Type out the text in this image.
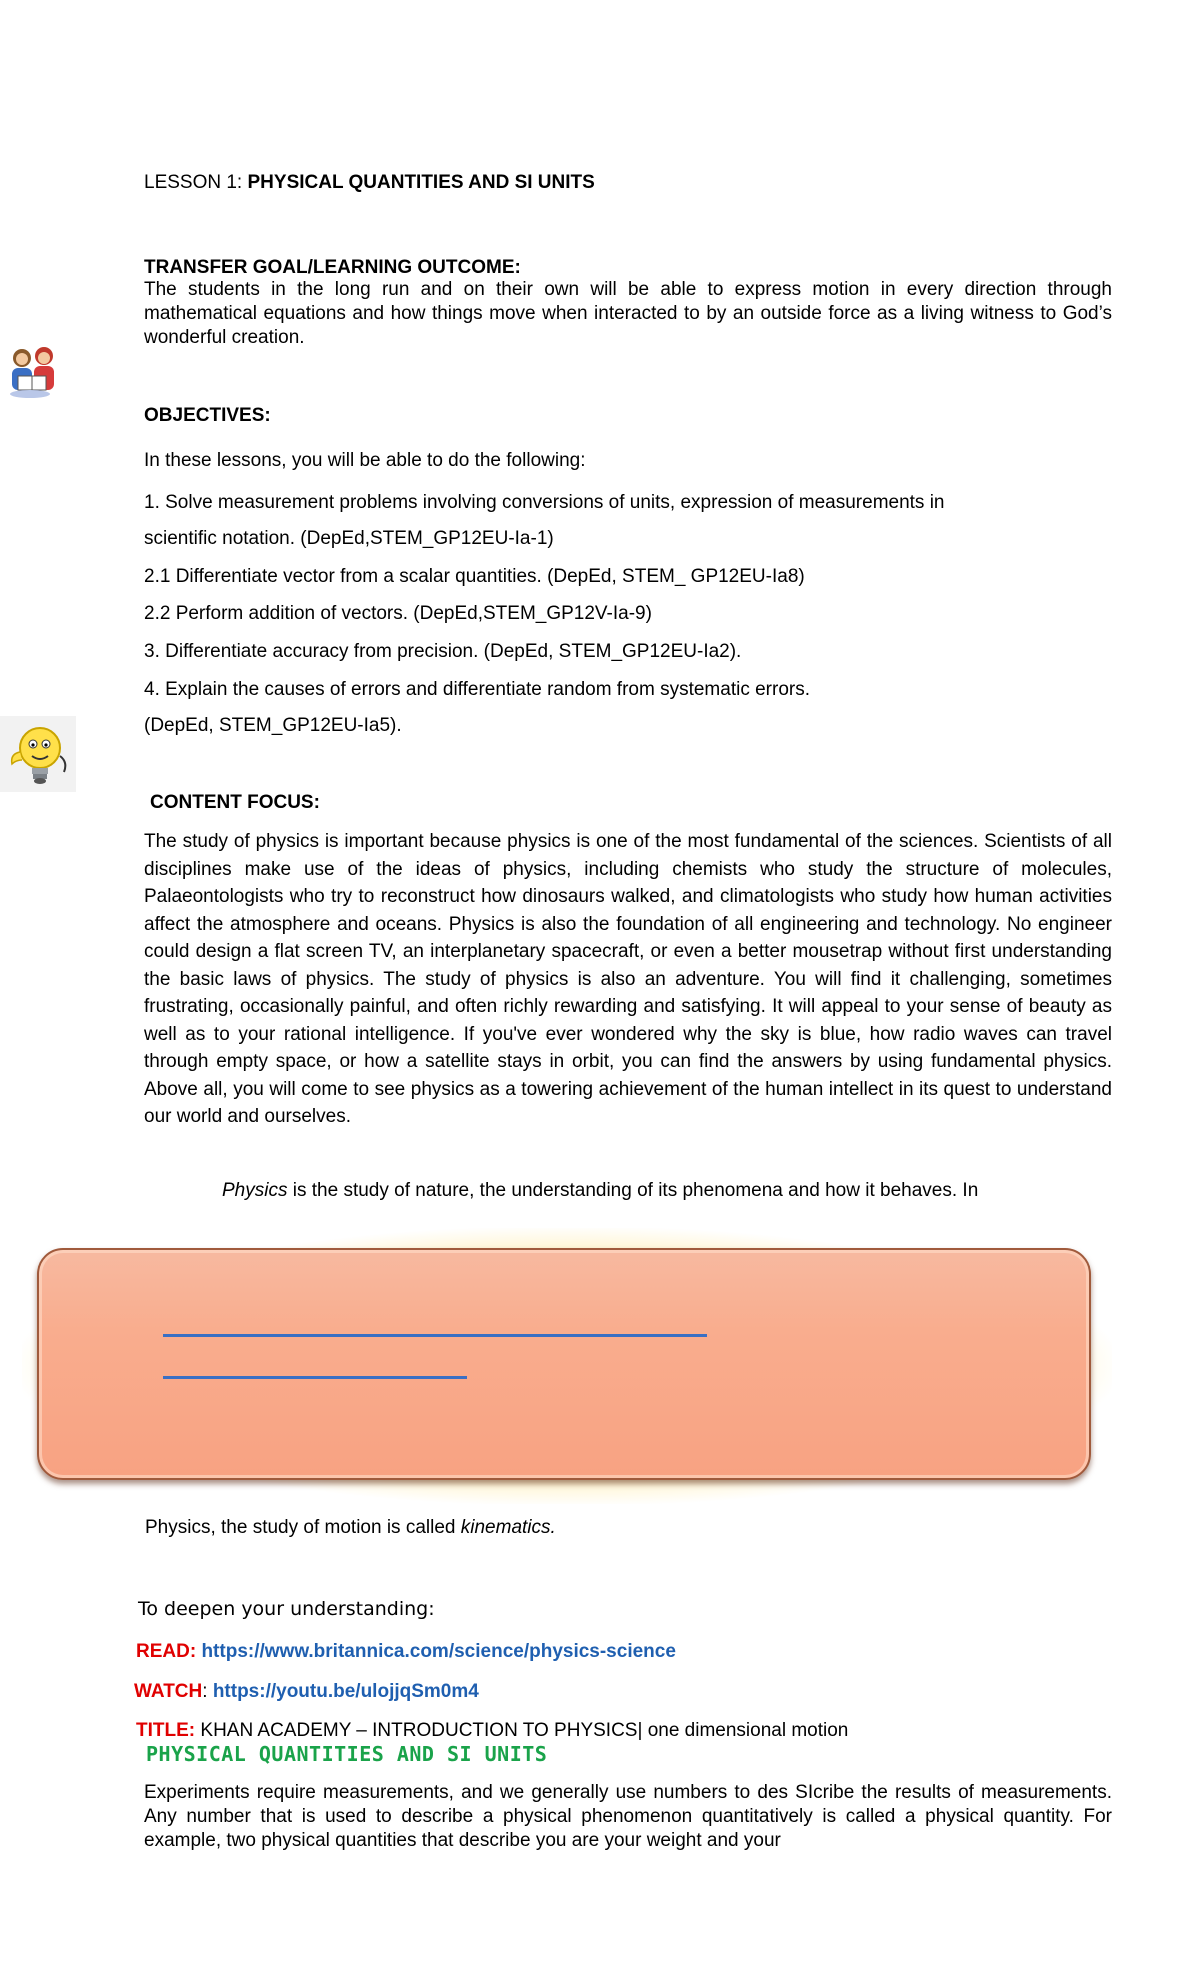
LESSON 1: PHYSICAL QUANTITIES AND SI UNITS
TRANSFER GOAL/LEARNING OUTCOME:
The students in the long run and on their own will be able to express motion in every direction through mathematical equations and how things move when interacted to by an outside force as a living witness to God’s wonderful creation.
OBJECTIVES:
In these lessons, you will be able to do the following:
1. Solve measurement problems involving conversions of units, expression of measurements in
scientific notation. (DepEd,STEM_GP12EU-Ia-1)
2.1 Differentiate vector from a scalar quantities. (DepEd, STEM_ GP12EU-Ia8)
2.2 Perform addition of vectors. (DepEd,STEM_GP12V-Ia-9)
3. Differentiate accuracy from precision. (DepEd, STEM_GP12EU-Ia2).
4. Explain the causes of errors and differentiate random from systematic errors.
(DepEd, STEM_GP12EU-Ia5).
CONTENT FOCUS:
The study of physics is important because physics is one of the most fundamental of the sciences. Scientists of all disciplines make use of the ideas of physics, including chemists who study the structure of molecules, Palaeontologists who try to reconstruct how dinosaurs walked, and climatologists who study how human activities affect the atmosphere and oceans. Physics is also the foundation of all engineering and technology. No engineer could design a flat screen TV, an interplanetary spacecraft, or even a better mousetrap without first understanding the basic laws of physics. The study of physics is also an adventure. You will find it challenging, sometimes frustrating, occasionally painful, and often richly rewarding and satisfying. It will appeal to your sense of beauty as well as to your rational intelligence. If you've ever wondered why the sky is blue, how radio waves can travel through empty space, or how a satellite stays in orbit, you can find the answers by using fundamental physics. Above all, you will come to see physics as a towering achievement of the human intellect in its quest to understand our world and ourselves.
Physics is the study of nature, the understanding of its phenomena and how it behaves. In
Physics, the study of motion is called kinematics.
To deepen your understanding:
READ: https://www.britannica.com/science/physics-science
WATCH: https://youtu.be/ulojjqSm0m4
TITLE: KHAN ACADEMY – INTRODUCTION TO PHYSICS| one dimensional motion
PHYSICAL QUANTITIES AND SI UNITS
Experiments require measurements, and we generally use numbers to des SIcribe the results of measurements. Any number that is used to describe a physical phenomenon quantitatively is called a physical quantity. For example, two physical quantities that describe you are your weight and your
